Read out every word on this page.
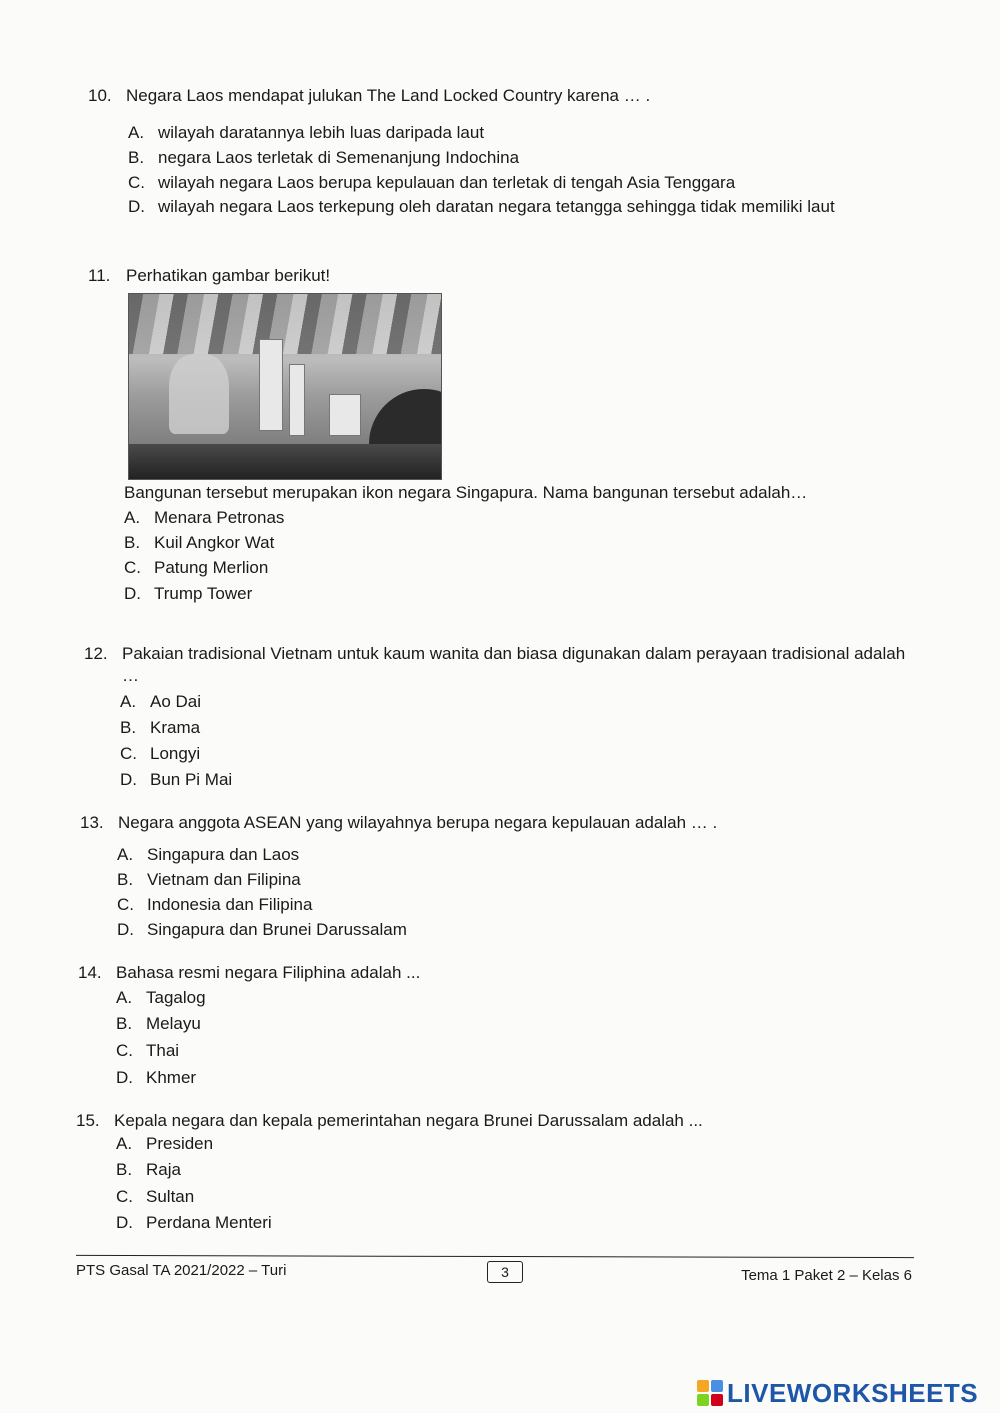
10. Negara Laos mendapat julukan The Land Locked Country karena … .
A. wilayah daratannya lebih luas daripada laut
B. negara Laos terletak di Semenanjung Indochina
C. wilayah negara Laos berupa kepulauan dan terletak di tengah Asia Tenggara
D. wilayah negara Laos terkepung oleh daratan negara tetangga sehingga tidak memiliki laut
11. Perhatikan gambar berikut!
Bangunan tersebut merupakan ikon negara Singapura. Nama bangunan tersebut adalah…
A. Menara Petronas
B. Kuil Angkor Wat
C. Patung Merlion
D. Trump Tower
12. Pakaian tradisional Vietnam untuk kaum wanita dan biasa digunakan dalam perayaan tradisional adalah …
A. Ao Dai
B. Krama
C. Longyi
D. Bun Pi Mai
13. Negara anggota ASEAN yang wilayahnya berupa negara kepulauan adalah … .
A. Singapura dan Laos
B. Vietnam dan Filipina
C. Indonesia dan Filipina
D. Singapura dan Brunei Darussalam
14. Bahasa resmi negara Filiphina adalah ...
A. Tagalog
B. Melayu
C. Thai
D. Khmer
15. Kepala negara dan kepala pemerintahan negara Brunei Darussalam adalah ...
A. Presiden
B. Raja
C. Sultan
D. Perdana Menteri
PTS Gasal TA 2021/2022 – Turi	3	Tema 1 Paket 2 – Kelas 6
LIVEWORKSHEETS
